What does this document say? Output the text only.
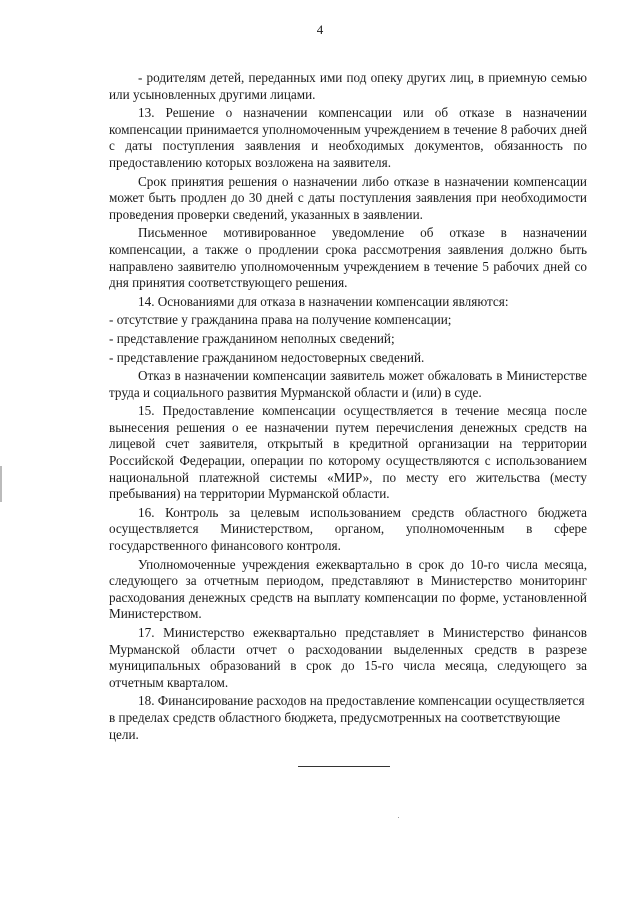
4

- родителям детей, переданных ими под опеку других лиц, в приемную семью или усыновленных другими лицами.

13. Решение о назначении компенсации или об отказе в назначении компенсации принимается уполномоченным учреждением в течение 8 рабочих дней с даты поступления заявления и необходимых документов, обязанность по предоставлению которых возложена на заявителя.

Срок принятия решения о назначении либо отказе в назначении компенсации может быть продлен до 30 дней с даты поступления заявления при необходимости проведения проверки сведений, указанных в заявлении.

Письменное мотивированное уведомление об отказе в назначении компенсации, а также о продлении срока рассмотрения заявления должно быть направлено заявителю уполномоченным учреждением в течение 5 рабочих дней со дня принятия соответствующего решения.

14. Основаниями для отказа в назначении компенсации являются:

- отсутствие у гражданина права на получение компенсации;

- представление гражданином неполных сведений;

- представление гражданином недостоверных сведений.

Отказ в назначении компенсации заявитель может обжаловать в Министерстве труда и социального развития Мурманской области и (или) в суде.

15. Предоставление компенсации осуществляется в течение месяца после вынесения решения о ее назначении путем перечисления денежных средств на лицевой счет заявителя, открытый в кредитной организации на территории Российской Федерации, операции по которому осуществляются с использованием национальной платежной системы «МИР», по месту его жительства (месту пребывания) на территории Мурманской области.

16. Контроль за целевым использованием средств областного бюджета осуществляется Министерством, органом, уполномоченным в сфере государственного финансового контроля.

Уполномоченные учреждения ежеквартально в срок до 10-го числа месяца, следующего за отчетным периодом, представляют в Министерство мониторинг расходования денежных средств на выплату компенсации по форме, установленной Министерством.

17. Министерство ежеквартально представляет в Министерство финансов Мурманской области отчет о расходовании выделенных средств в разрезе муниципальных образований в срок до 15-го числа месяца, следующего за отчетным кварталом.

18. Финансирование расходов на предоставление компенсации осуществляется в пределах средств областного бюджета, предусмотренных на соответствующие цели.
